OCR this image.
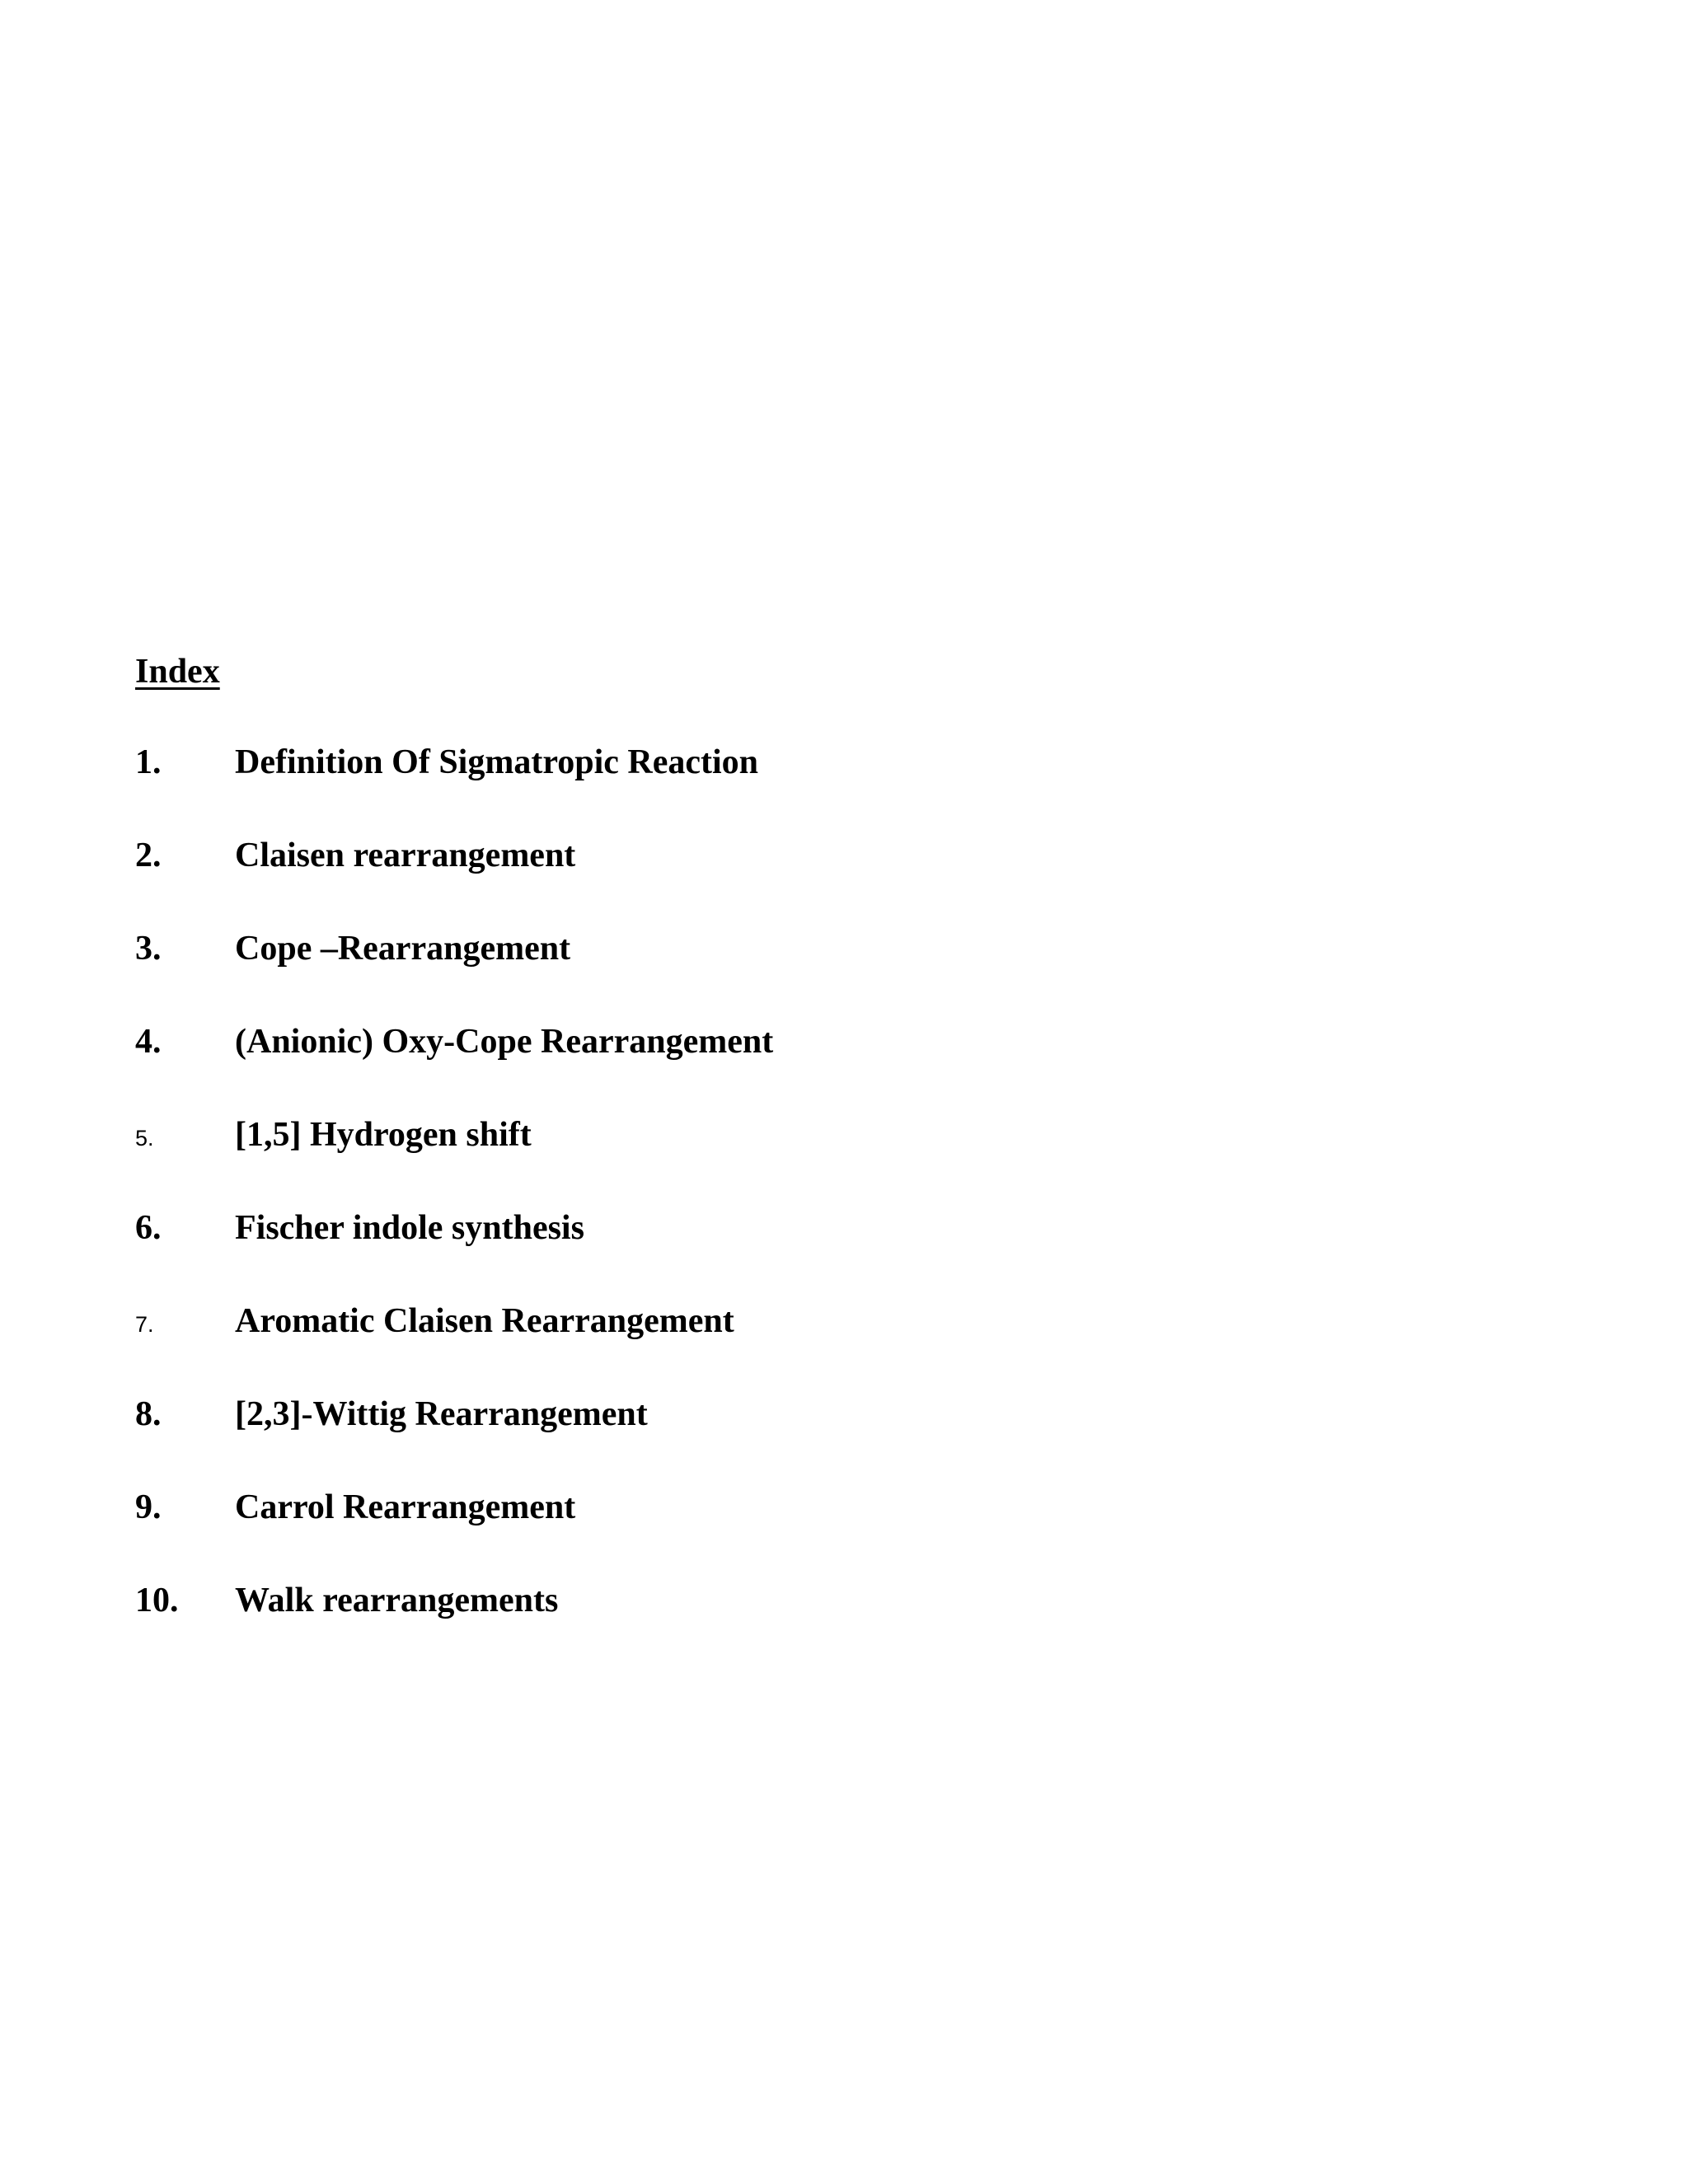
Index
1. Definition Of Sigmatropic Reaction
2. Claisen rearrangement
3. Cope –Rearrangement
4. (Anionic) Oxy-Cope Rearrangement
5. [1,5] Hydrogen shift
6. Fischer indole synthesis
7. Aromatic Claisen Rearrangement
8. [2,3]-Wittig Rearrangement
9. Carrol Rearrangement
10. Walk rearrangements
